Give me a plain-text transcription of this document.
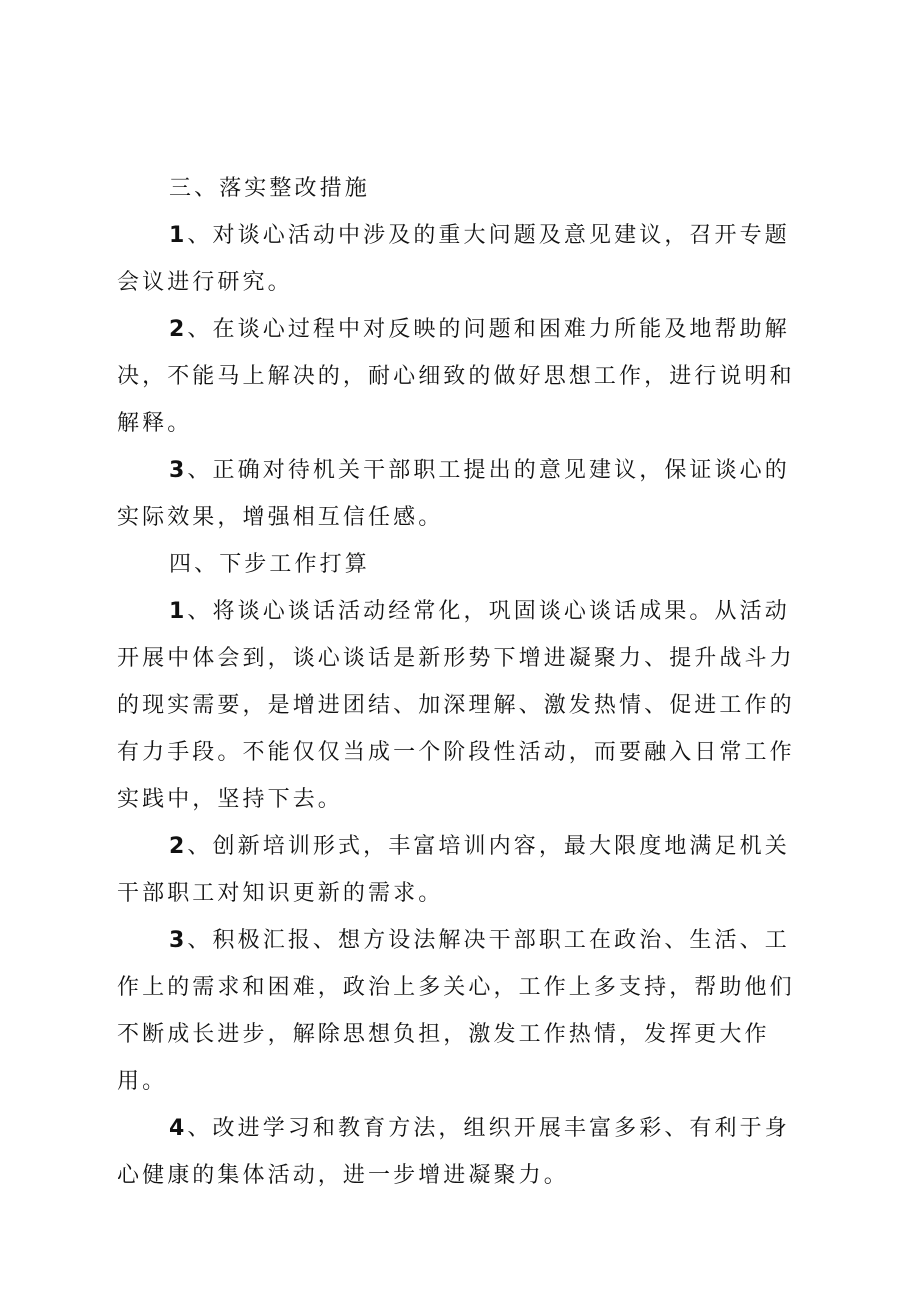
三、落实整改措施

1、对谈心活动中涉及的重大问题及意见建议，召开专题会议进行研究。

2、在谈心过程中对反映的问题和困难力所能及地帮助解决，不能马上解决的，耐心细致的做好思想工作，进行说明和解释。

3、正确对待机关干部职工提出的意见建议，保证谈心的实际效果，增强相互信任感。

四、下步工作打算

1、将谈心谈话活动经常化，巩固谈心谈话成果。从活动开展中体会到，谈心谈话是新形势下增进凝聚力、提升战斗力的现实需要，是增进团结、加深理解、激发热情、促进工作的有力手段。不能仅仅当成一个阶段性活动，而要融入日常工作实践中，坚持下去。

2、创新培训形式，丰富培训内容，最大限度地满足机关干部职工对知识更新的需求。

3、积极汇报、想方设法解决干部职工在政治、生活、工作上的需求和困难，政治上多关心，工作上多支持，帮助他们不断成长进步，解除思想负担，激发工作热情，发挥更大作用。

4、改进学习和教育方法，组织开展丰富多彩、有利于身心健康的集体活动，进一步增进凝聚力。
